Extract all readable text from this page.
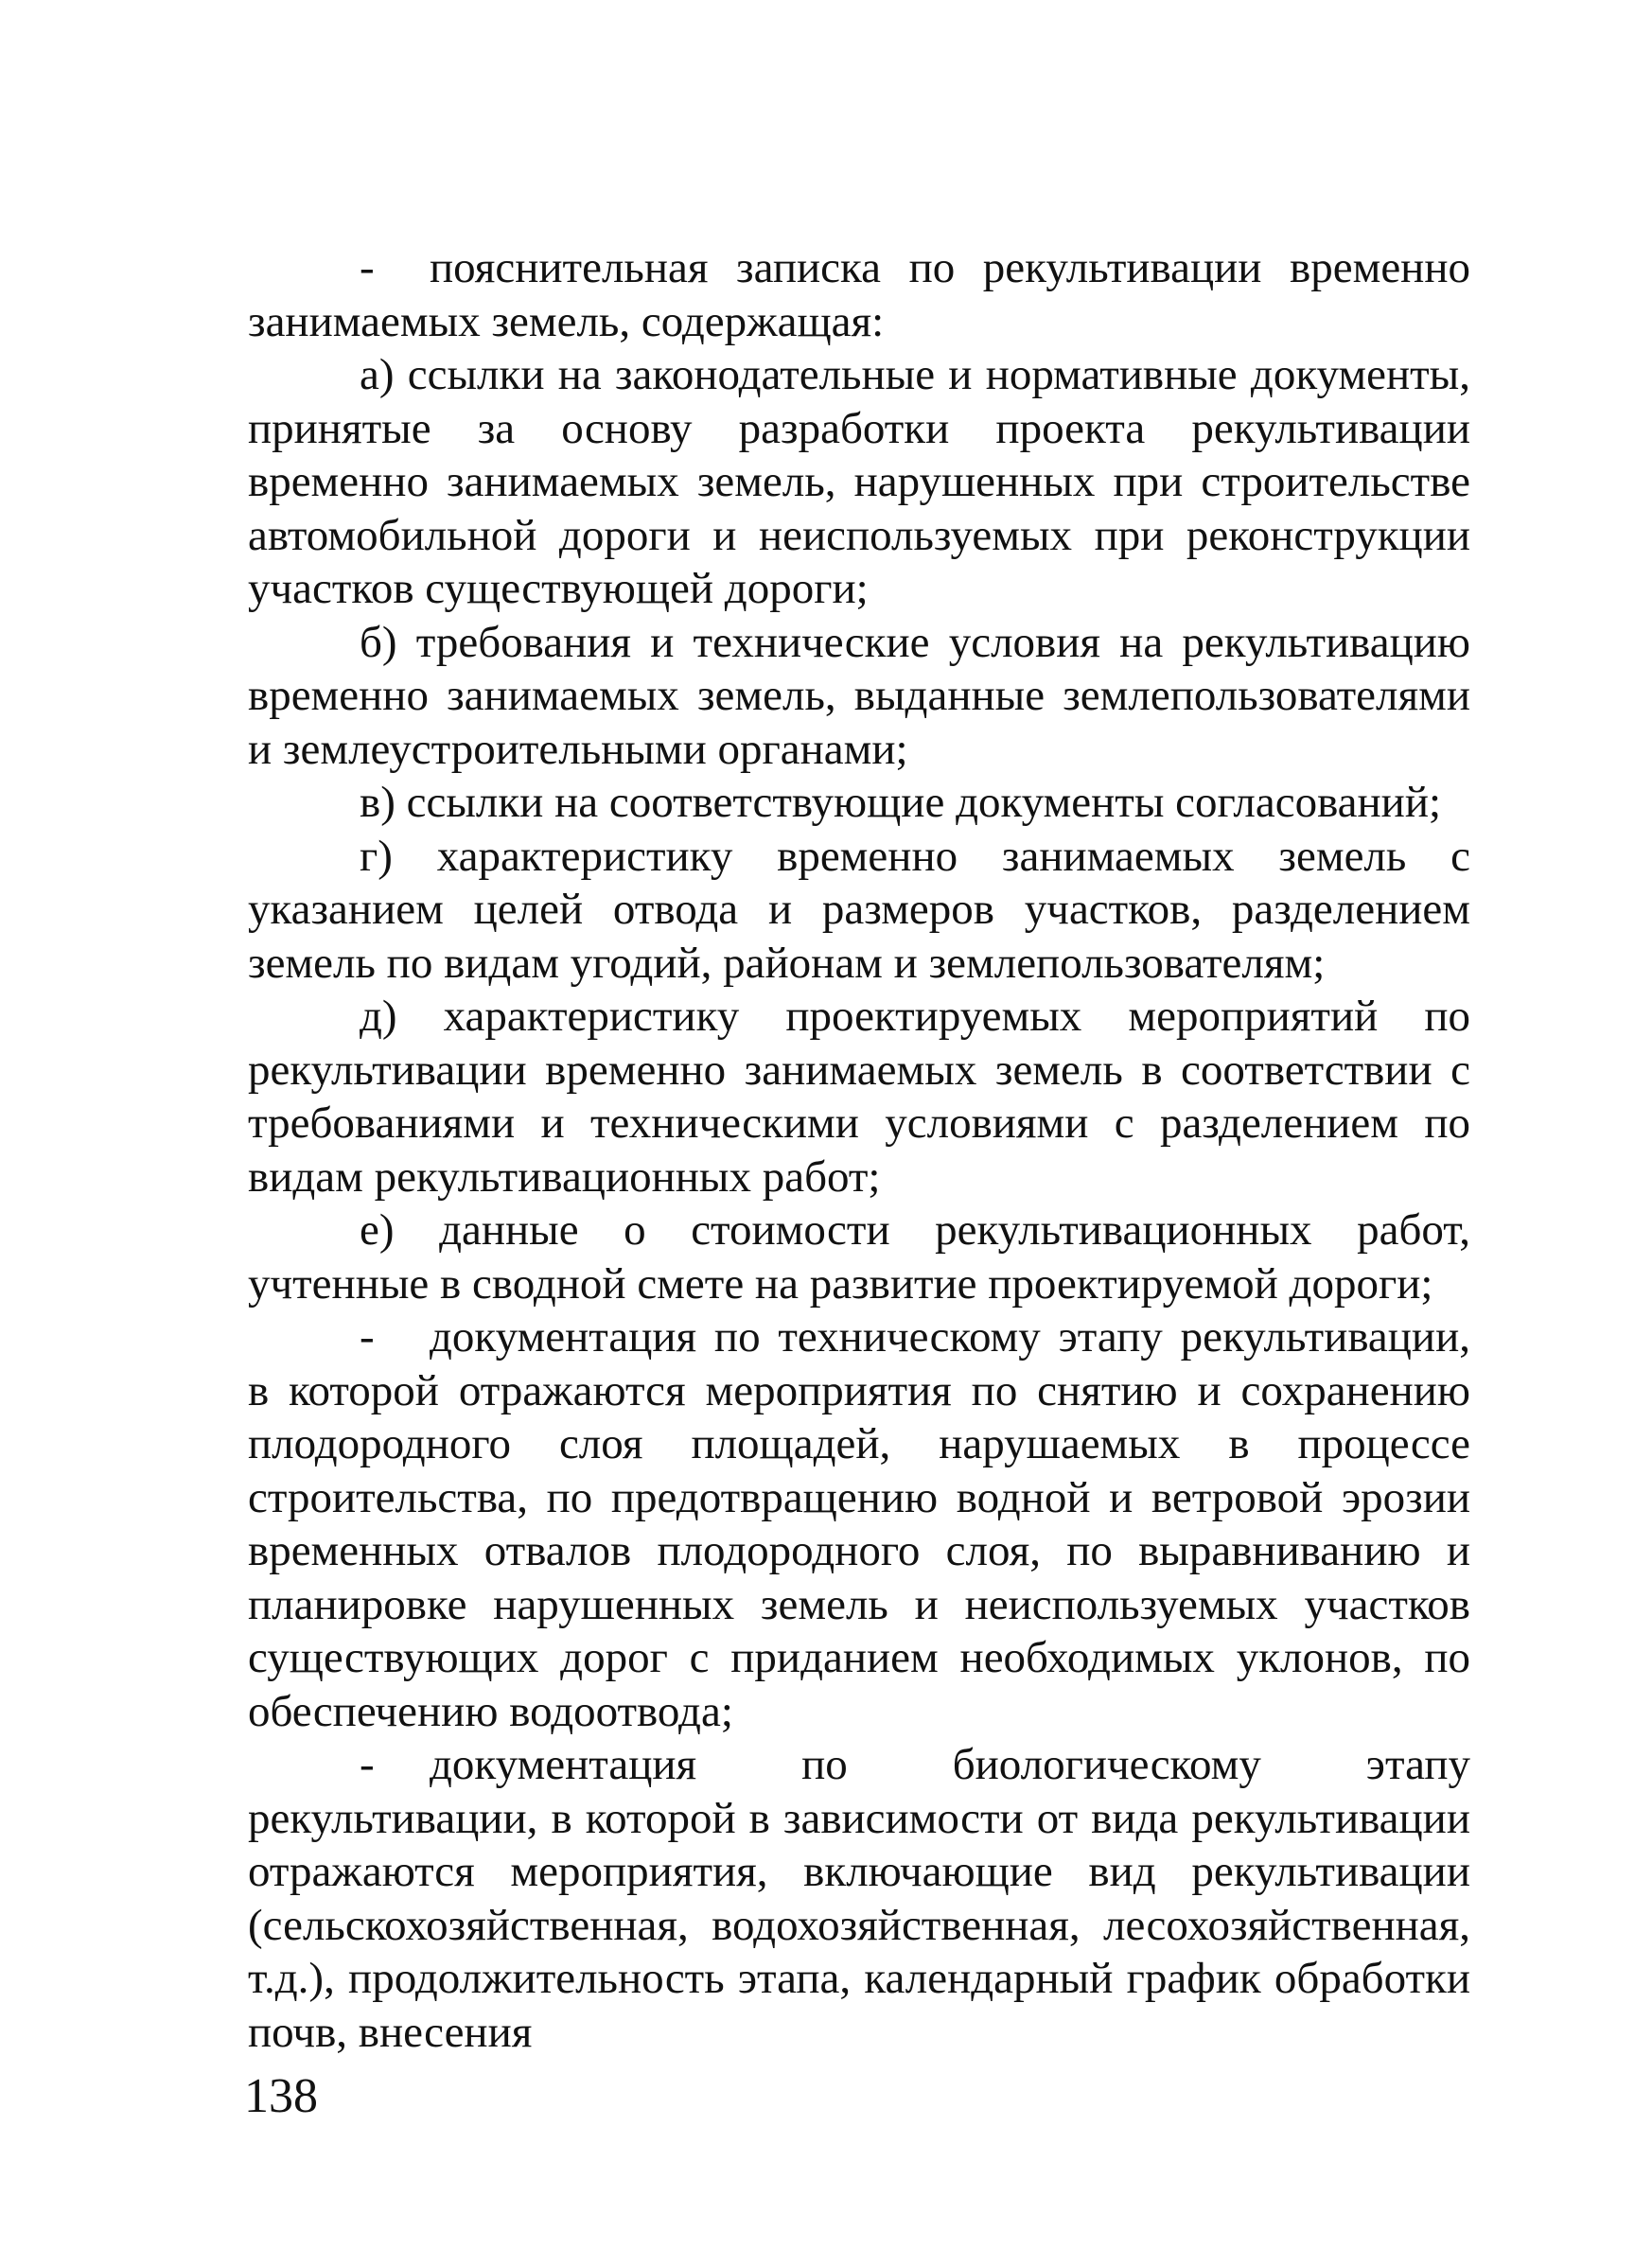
- пояснительная записка по рекультивации временно занимаемых земель, содержащая:

а) ссылки на законодательные и нормативные документы, принятые за основу разработки проекта рекультивации временно занимаемых земель, нарушенных при строительстве автомобильной дороги и неиспользуемых при реконструкции участков существующей дороги;

б) требования и технические условия на рекультивацию временно занимаемых земель, выданные землепользователями и землеустроительными органами;

в) ссылки на соответствующие документы согласований;

г) характеристику временно занимаемых земель с указанием целей отвода и размеров участков, разделением земель по видам угодий, районам и землепользователям;

д) характеристику проектируемых мероприятий по рекультивации временно занимаемых земель в соответствии с требованиями и техническими условиями с разделением по видам рекультивационных работ;

е) данные о стоимости рекультивационных работ, учтенные в сводной смете на развитие проектируемой дороги;

- документация по техническому этапу рекультивации, в которой отражаются мероприятия по снятию и сохранению плодородного слоя площадей, нарушаемых в процессе строительства, по предотвращению водной и ветровой эрозии временных отвалов плодородного слоя, по выравниванию и планировке нарушенных земель и неиспользуемых участков существующих дорог с приданием необходимых уклонов, по обеспечению водоотвода;

- документация по биологическому этапу рекультивации, в которой в зависимости от вида рекультивации отражаются мероприятия, включающие вид рекультивации (сельскохозяйственная, водохозяйственная, лесохозяйственная, т.д.), продолжительность этапа, календарный график обработки почв, внесения

138
